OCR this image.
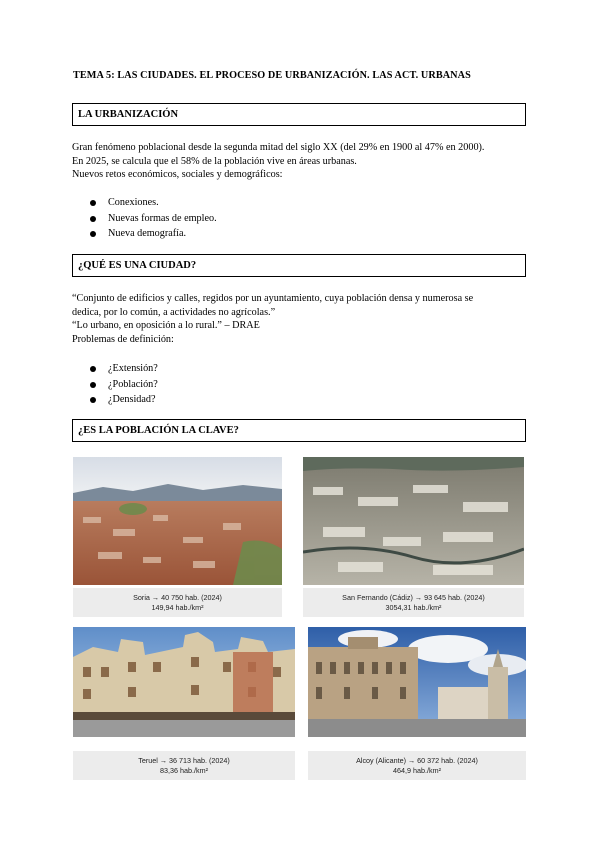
TEMA 5: LAS CIUDADES. EL PROCESO DE URBANIZACIÓN. LAS ACT. URBANAS
LA URBANIZACIÓN

Gran fenómeno poblacional desde la segunda mitad del siglo XX (del 29% en 1900 al 47% en 2000).

En 2025, se calcula que el 58% de la población vive en áreas urbanas.

Nuevos retos económicos, sociales y demográficos:

Conexiones.
Nuevas formas de empleo.
Nueva demografía.
¿QUÉ ES UNA CIUDAD?

“Conjunto de edificios y calles, regidos por un ayuntamiento, cuya población densa y numerosa se

dedica, por lo común, a actividades no agrícolas.”

“Lo urbano, en oposición a lo rural.” – DRAE

Problemas de definición:

¿Extensión?
¿Población?
¿Densidad?
¿ES LA POBLACIÓN LA CLAVE?
Soria → 40 750 hab. (2024)
149,94 hab./km²
San Fernando (Cádiz) → 93 645 hab. (2024)
3054,31 hab./km²
Teruel → 36 713 hab. (2024)
83,36 hab./km²
Alcoy (Alicante) → 60 372 hab. (2024)
464,9 hab./km²
